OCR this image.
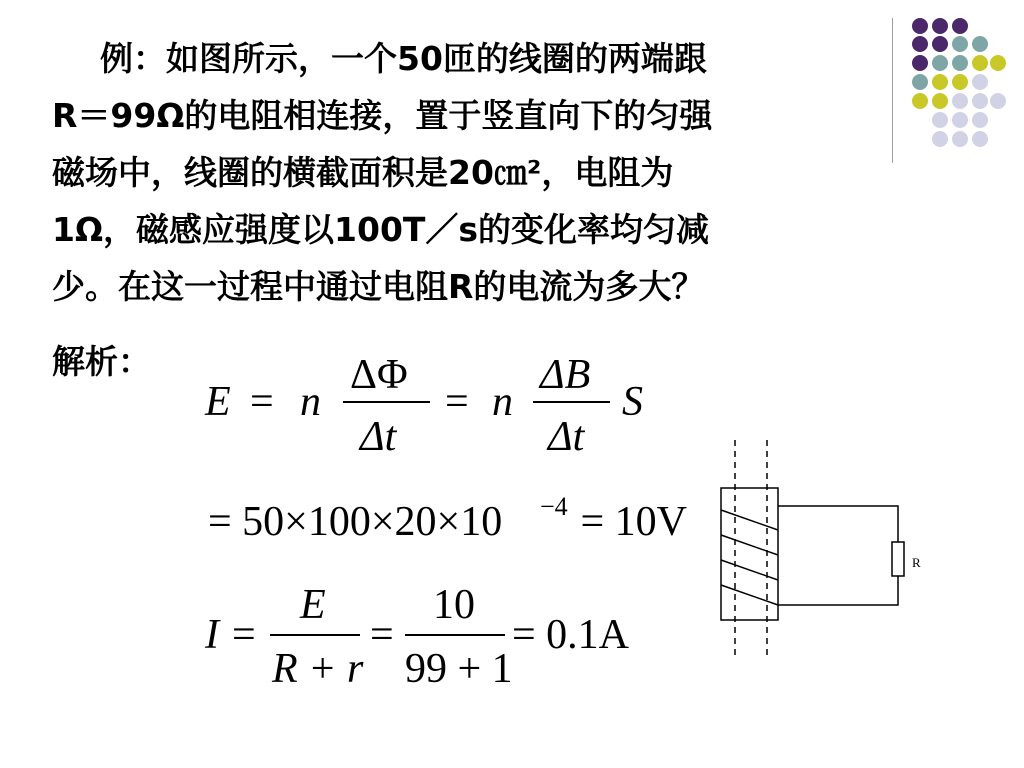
例：如图所示，一个50匝的线圈的两端跟
R＝99Ω的电阻相连接，置于竖直向下的匀强
磁场中，线圈的横截面积是20㎝²，电阻为
1Ω，磁感应强度以100T／s的变化率均匀减
少。在这一过程中通过电阻R的电流为多大？
解析：
E = n
ΔΦ
Δt
= n
ΔB
Δt
S
= 50×100×20×10 −4 = 10V
I =
E
R + r
=
10
99 + 1
= 0.1A
R
